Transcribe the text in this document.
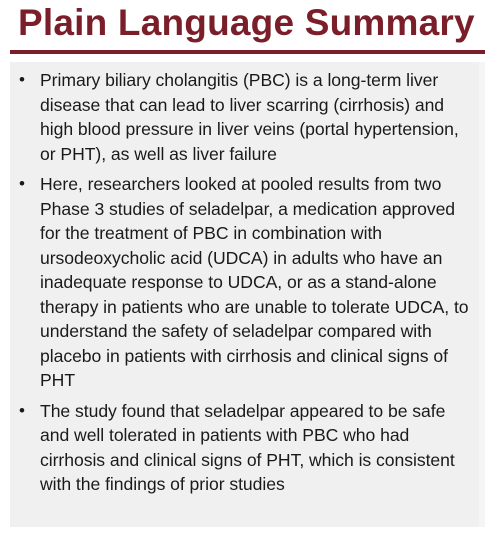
Plain Language Summary
• Primary biliary cholangitis (PBC) is a long-term liver disease that can lead to liver scarring (cirrhosis) and high blood pressure in liver veins (portal hypertension, or PHT), as well as liver failure
• Here, researchers looked at pooled results from two Phase 3 studies of seladelpar, a medication approved for the treatment of PBC in combination with ursodeoxycholic acid (UDCA) in adults who have an inadequate response to UDCA, or as a stand-alone therapy in patients who are unable to tolerate UDCA, to understand the safety of seladelpar compared with placebo in patients with cirrhosis and clinical signs of PHT
• The study found that seladelpar appeared to be safe and well tolerated in patients with PBC who had cirrhosis and clinical signs of PHT, which is consistent with the findings of prior studies
